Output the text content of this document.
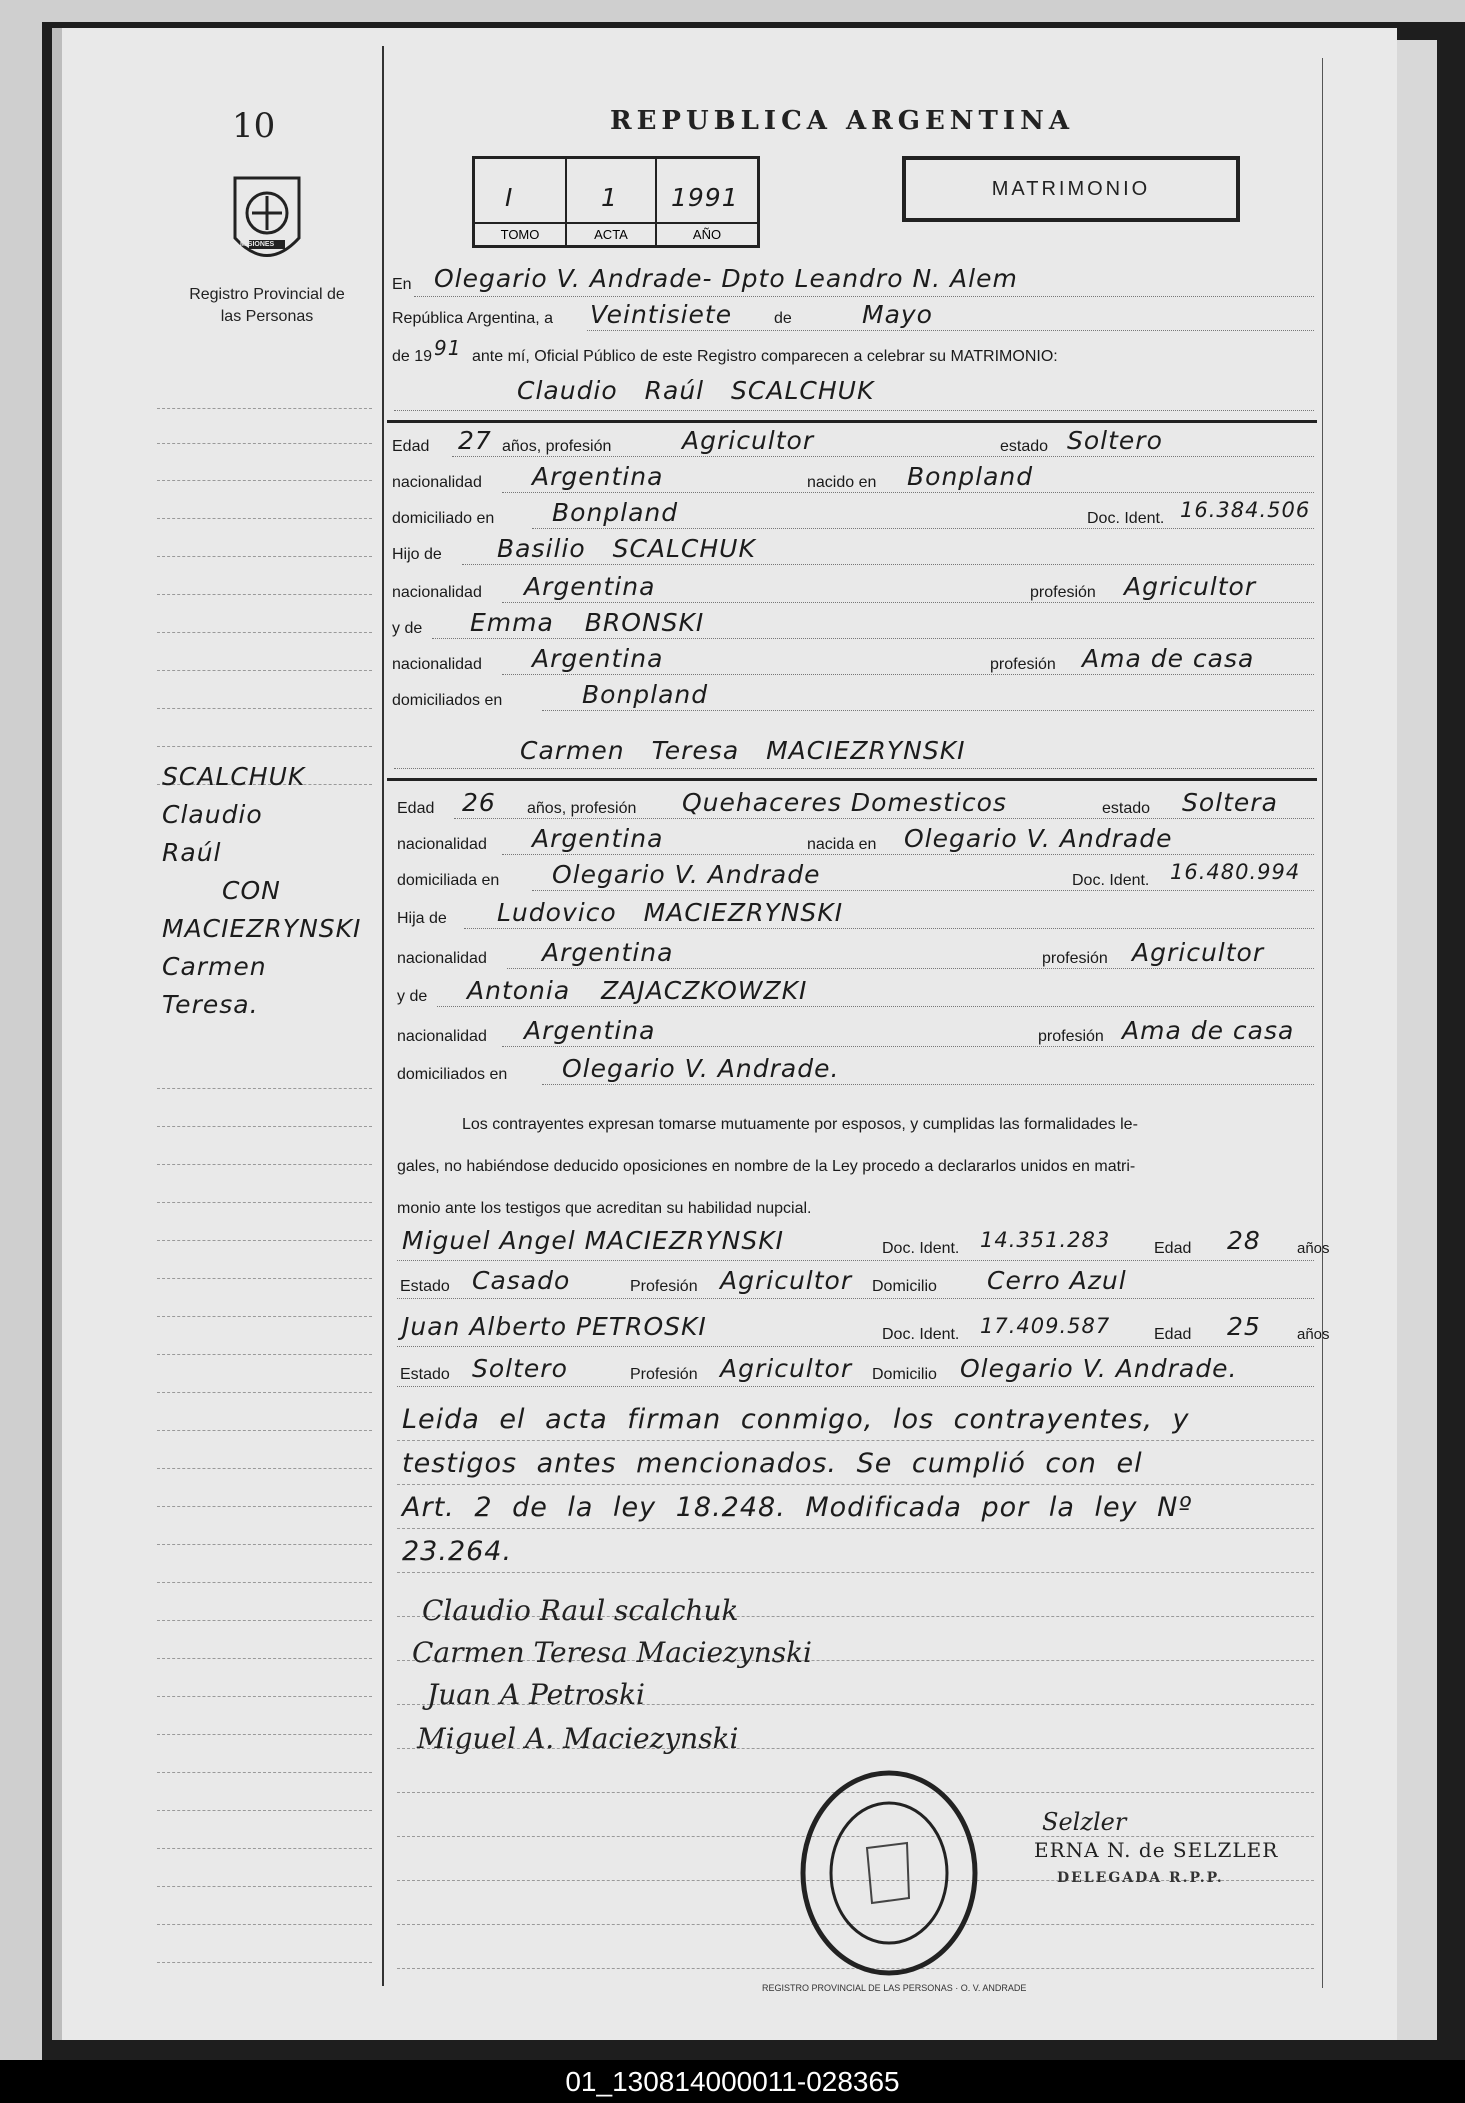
10	REPUBLICA ARGENTINA
MISIONES
Registro Provincial de las Personas
I
TOMO
1
ACTA
1991
AÑO
MATRIMONIO
SCALCHUK
Claudio
Raúl
CON
MACIEZRYNSKI
Carmen
Teresa.
En Olegario V. Andrade- Dpto Leandro N. Alem
República Argentina, a Veintisiete	de	Mayo
de 19 91 ante mí, Oficial Público de este Registro comparecen a celebrar su MATRIMONIO:
Claudio Raúl SCALCHUK
Edad 27 años, profesión	Agricultor	estado Soltero
nacionalidad Argentina	nacido en Bonpland
domiciliado en Bonpland	Doc. Ident. 16.384.506
Hijo de Basilio SCALCHUK
nacionalidad Argentina	profesión Agricultor
y de Emma BRONSKI
nacionalidad Argentina	profesión Ama de casa
domiciliados en	Bonpland
Carmen Teresa MACIEZRYNSKI
Edad 26 años, profesión Quehaceres Domesticos	estado Soltera
nacionalidad Argentina	nacida en Olegario V. Andrade
domiciliada en Olegario V. Andrade	Doc. Ident. 16.480.994
Hija de Ludovico MACIEZRYNSKI
nacionalidad Argentina	profesión Agricultor
y de Antonia ZAJACZKOWZKI
nacionalidad Argentina	profesión Ama de casa
domiciliados en Olegario V. Andrade.
Los contrayentes expresan tomarse mutuamente por esposos, y cumplidas las formalidades le-
gales, no habiéndose deducido oposiciones en nombre de la Ley procedo a declararlos unidos en matri-
monio ante los testigos que acreditan su habilidad nupcial.
Miguel Angel MACIEZRYNSKI	Doc. Ident. 14.351.283	Edad 28 años
Estado Casado	Profesión Agricultor Domicilio Cerro Azul
Juan Alberto PETROSKI	Doc. Ident. 17.409.587	Edad 25 años
Estado Soltero	Profesión Agricultor Domicilio Olegario V. Andrade.
Leida el acta firman conmigo, los contrayentes, y
testigos antes mencionados. Se cumplió con el
Art. 2 de la ley 18.248. Modificada por la ley Nº
23.264.
Claudio Raul scalchuk
Carmen Teresa Maciezynski
Juan A Petroski
Miguel A. Maciezynski
REGISTRO PROVINCIAL DE LAS PERSONAS · O. V. ANDRADE
Selzler
ERNA N. de SELZLER
DELEGADA R.P.P.
01_130814000011-028365
